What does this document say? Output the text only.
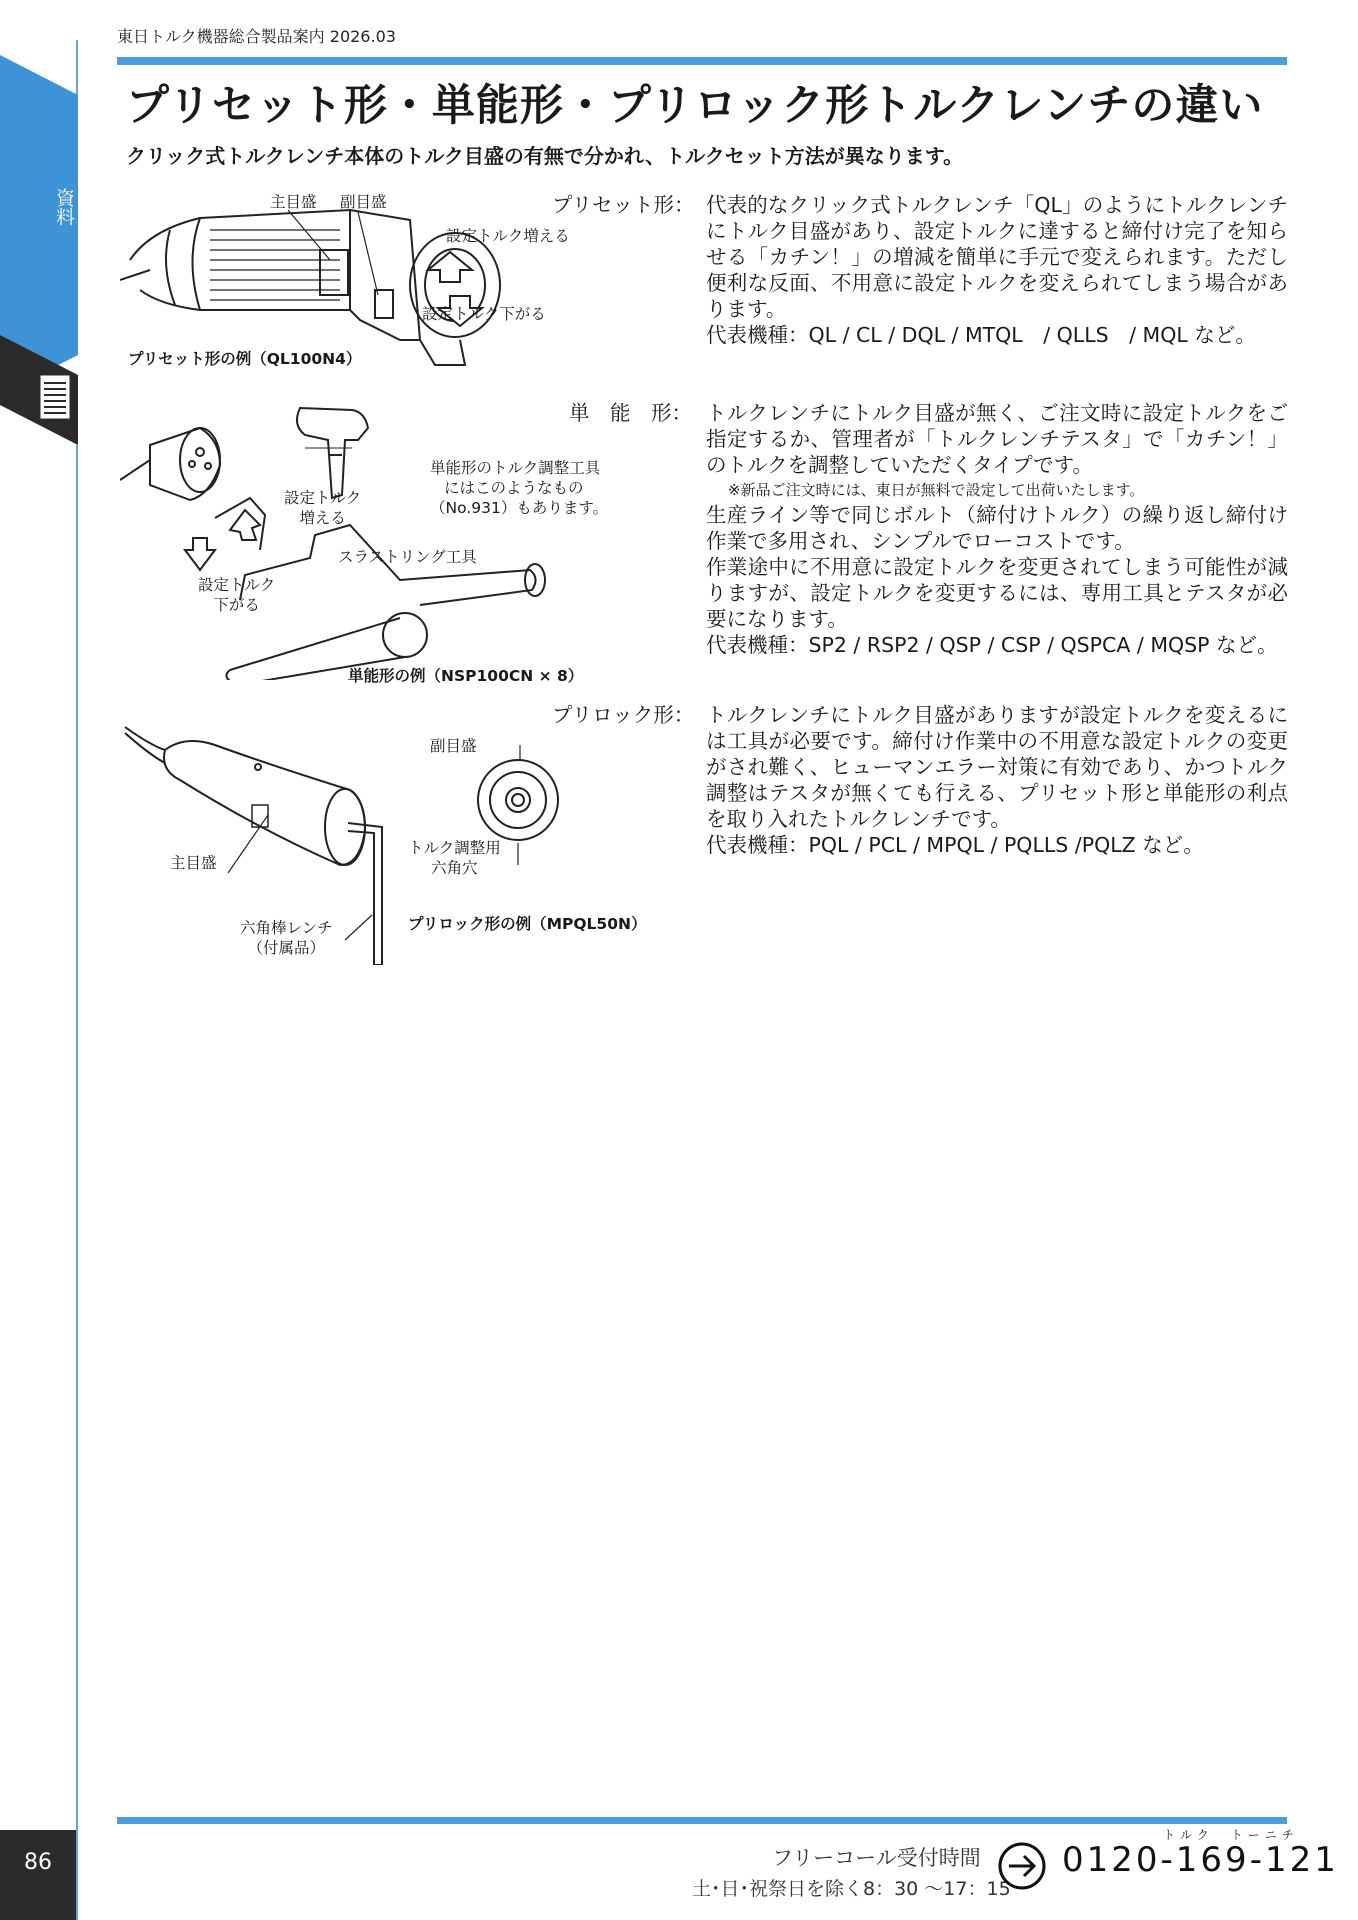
資料
86
東日トルク機器総合製品案内 2026.03
プリセット形・単能形・プリロック形トルクレンチの違い
クリック式トルクレンチ本体のトルク目盛の有無で分かれ、トルクセット方法が異なります。
主目盛 副目盛
設定トルク増える
設定トルク下がる
プリセット形の例（QL100N4）
プリセット形： 代表的なクリック式トルクレンチ「QL」のようにトルクレンチにトルク目盛があり、設定トルクに達すると締付け完了を知らせる「カチン！」の増減を簡単に手元で変えられます。ただし便利な反面、不用意に設定トルクを変えられてしまう場合があります。

代表機種：QL / CL / DQL / MTQL　/ QLLS　/ MQL など。

単能形のトルク調整工具
にはこのようなもの
（No.931）もあります。
設定トルク
増える
スラストリング工具
設定トルク
下がる
単能形の例（NSP100CN × 8）
単　能　形： トルクレンチにトルク目盛が無く、ご注文時に設定トルクをご指定するか、管理者が「トルクレンチテスタ」で「カチン！」のトルクを調整していただくタイプです。

※新品ご注文時には、東日が無料で設定して出荷いたします。

生産ライン等で同じボルト（締付けトルク）の繰り返し締付け作業で多用され、シンプルでローコストです。

作業途中に不用意に設定トルクを変更されてしまう可能性が減りますが、設定トルクを変更するには、専用工具とテスタが必要になります。

代表機種：SP2 / RSP2 / QSP / CSP / QSPCA / MQSP など。

副目盛
主目盛
トルク調整用
六角穴
六角棒レンチ
（付属品）
プリロック形の例（MPQL50N）
プリロック形： トルクレンチにトルク目盛がありますが設定トルクを変えるには工具が必要です。締付け作業中の不用意な設定トルクの変更がされ難く、ヒューマンエラー対策に有効であり、かつトルク調整はテスタが無くても行える、プリセット形と単能形の利点を取り入れたトルクレンチです。

代表機種：PQL / PCL / MPQL / PQLLS /PQLZ など。

フリーコール受付時間
土･日･祝祭日を除く8：30 ～17：15
トルク　トーニチ
0120-169-121
